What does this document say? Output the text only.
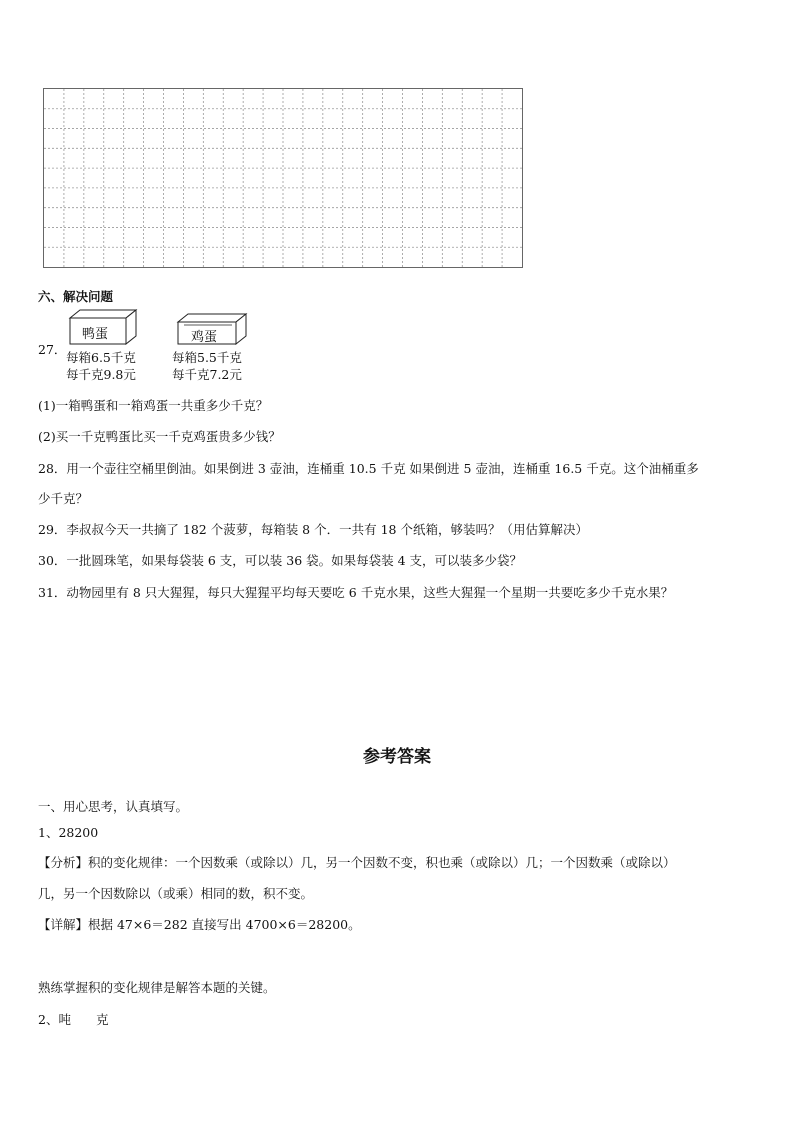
六、解决问题
27．
鸭蛋
每箱6.5千克
每千克9.8元
鸡蛋
每箱5.5千克
每千克7.2元
(1)一箱鸭蛋和一箱鸡蛋一共重多少千克？
(2)买一千克鸭蛋比买一千克鸡蛋贵多少钱？
28．用一个壶往空桶里倒油。如果倒进 3 壶油，连桶重 10.5 千克 如果倒进 5 壶油，连桶重 16.5 千克。这个油桶重多
少千克？
29．李叔叔今天一共摘了 182 个菠萝，每箱装 8 个．一共有 18 个纸箱，够装吗？（用估算解决）
30．一批圆珠笔，如果每袋装 6 支，可以装 36 袋。如果每袋装 4 支，可以装多少袋？
31．动物园里有 8 只大猩猩，每只大猩猩平均每天要吃 6 千克水果，这些大猩猩一个星期一共要吃多少千克水果？
参考答案
一、用心思考，认真填写。
1、28200
【分析】积的变化规律：一个因数乘（或除以）几，另一个因数不变，积也乘（或除以）几；一个因数乘（或除以）
几，另一个因数除以（或乘）相同的数，积不变。
【详解】根据 47×6＝282 直接写出 4700×6＝28200。
熟练掌握积的变化规律是解答本题的关键。
2、吨　　克
